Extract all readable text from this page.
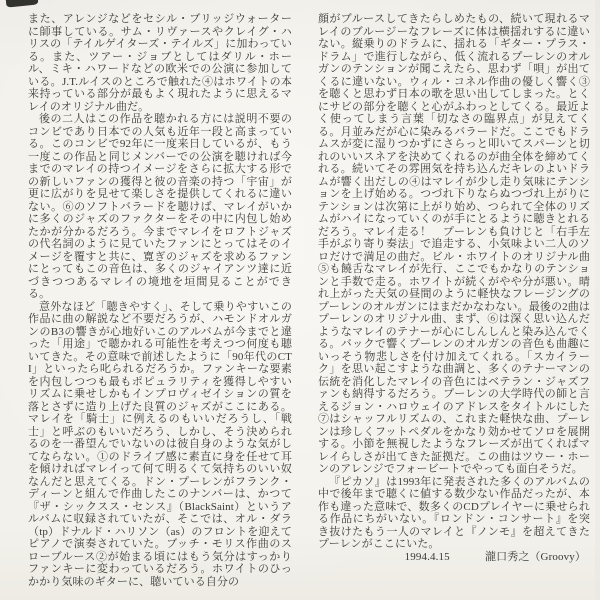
また、アレンジなどをセシル・ブリッジウォーターに師事している。サム・リヴァースやクレイグ・ハリスの「テイルゲイターズ・テイルズ」に加わっている。また、ツアー・ジョブとしてはダリル・ホール、ミキ・ハワードなどの欧米での公演に参加している。J.T.ルイスのところで触れた④はホワイトの本来持っている部分が最もよく現れたように思えるマレイのオリジナル曲だ。

後の二人はこの作品を聴かれる方には説明不要のコンビであり日本での人気も近年一段と高まっている。このコンビで92年に一度来日しているが、もう一度この作品と同じメンバーでの公演を聴ければ今までのマレイの持つイメージをさらに拡大する形での新しいファンの獲得と彼の音楽の持つ「宇宙」が更に広がりを見せて楽しさを提供してくれるに違いない。⑥のソフトバラードを聴けば、マレイがいかに多くのジャズのファクターをその中に内包し始めたかが分かるだろう。今までマレイをロフトジャズの代名詞のように見ていたファンにとってはそのイメージを覆すと共に、寛ぎのジャズを求めるファンにとってもこの音色は、多くのジャイアンツ達に近づきつつあるマレイの境地を垣間見ることができる。

意外なほど「聴きやすく」、そして乗りやすいこの作品に曲の解説など不要だろうが、ハモンドオルガンのB3の響きが心地好いこのアルバムが今までと違った「用途」で聴かれる可能性を考えつつ何度も聴いてきた。その意味で前述したように「90年代のCTI」といったら叱られるだろうか。ファンキーな要素を内包しつつも最もポピュラリティを獲得しやすいリズムに乗せしかもインプロヴィゼイションの質を落とさずに造り上げた良質のジャズがここにある。マレイを「騎士」に例えるのもいいだろうし、「戦士」と呼ぶのもいいだろう、しかし、そう決められるのを一番望んでいないのは彼自身のような気がしてならない。①のドライブ感に素直に身を任せて耳を傾ければマレイって何て明るくて気持ちのいい奴なんだと思えてくる。ドン・プーレンがフランク・ディーンと組んで作曲したこのナンバーは、かつて『ザ・シックスス・センス』（BlackSaint）というアルバムに収録されていたが、そこでは、オル・ダラ（tp）ドナルド・ハリソン（as）のフロントを迎えてピアノで演奏されていた。ブッチ・モリス作曲のスローブルース②が始まる頃にはもう気分はすっかりファンキーに変わっているだろう。ホワイトのひっかかり気味のギターに、聴いている自分の

顔がブルースしてきたらしめたもの、続いて現れるマレイのブルージーなフレーズに体は横揺れするに違いない。縦乗りのドラムに、揺れる「ギター・プラス・ドラム」で進行しながら、低く流れるプーレンのオルガンのテンションが聞こえたら、思わず「唄」が出てくるに違いない。ウィル・コネル作曲の優しく響く③を聴くと思わず日本の歌を思い出してしまった。とくにサビの部分を聴くと心がふわっとしてくる。最近よく使ってしまう言葉「切なさの臨界点」が見えてくる。月並みだが心に染みるバラードだ。ここでもドラムスが変に湿りつかずにさらっと叩いてスパーンと切れのいいスネアを決めてくれるのが曲全体を締めてくれる。続いてその雰囲気を持ち込んだキレのよいドラムが響く出だしの④はマレイが少し走り気味にテンションを上げ始める。つづれ下りならぬつづれ上がりにテンションは次第に上がり始め、つられて全体のリズムがハイになっていくのが手にとるように聴きとれるだろう。マレイ走る！　プーレンも負けじと「右手左手がぶり寄り奏法」で追走する、小気味よい二人のソロだけで満足の曲だ。ビル・ホワイトのオリジナル曲⑤も饒舌なマレイが先行、ここでもかなりのテンションと手数で走る。ホワイトが続くがやや分が悪い。晴れ上がった天気の昼間のように軽快なフレージングのプーレンのオルガンにはまだかなわない。最後の2曲はプーレンのオリジナル曲、まず、⑥は深く思い込んだようなマレイのテナーが心にしんしんと染み込んでくる。バックで響くプーレンのオルガンの音色も曲趣にいっそう物悲しさを付け加えてくれる。「スカイラーク」を思い起こすような曲調と、多くのテナーマンの伝統を消化したマレイの音色にはベテラン・ジャズファンも納得するだろう。プーレンの大学時代の師と言えるジョン・ハロウェイのアドレスをタイトルにした⑦はシャッフルリズムの、これまた軽快な曲、プーレンは珍しくフットペダルをかなり効かせてソロを展開する。小節を無視したようなフレーズが出てくればマレイらしさが出てきた証拠だ。この曲はツウー・ホーンのアレンジでフォービートでやっても面白そうだ。

『ピカソ』は1993年に発表された多くのアルバムの中で後年まで聴くに値する数少ない作品だったが、本作も違った意味で、数多くのCDプレイヤーに乗せられる作品にちがいない。『ロンドン・コンサート』を突き抜けたもう一人のマレイと『ノンモ』を超えてきたプーレンがここにいた。

1994.4.15	瀧口秀之（Groovy）
